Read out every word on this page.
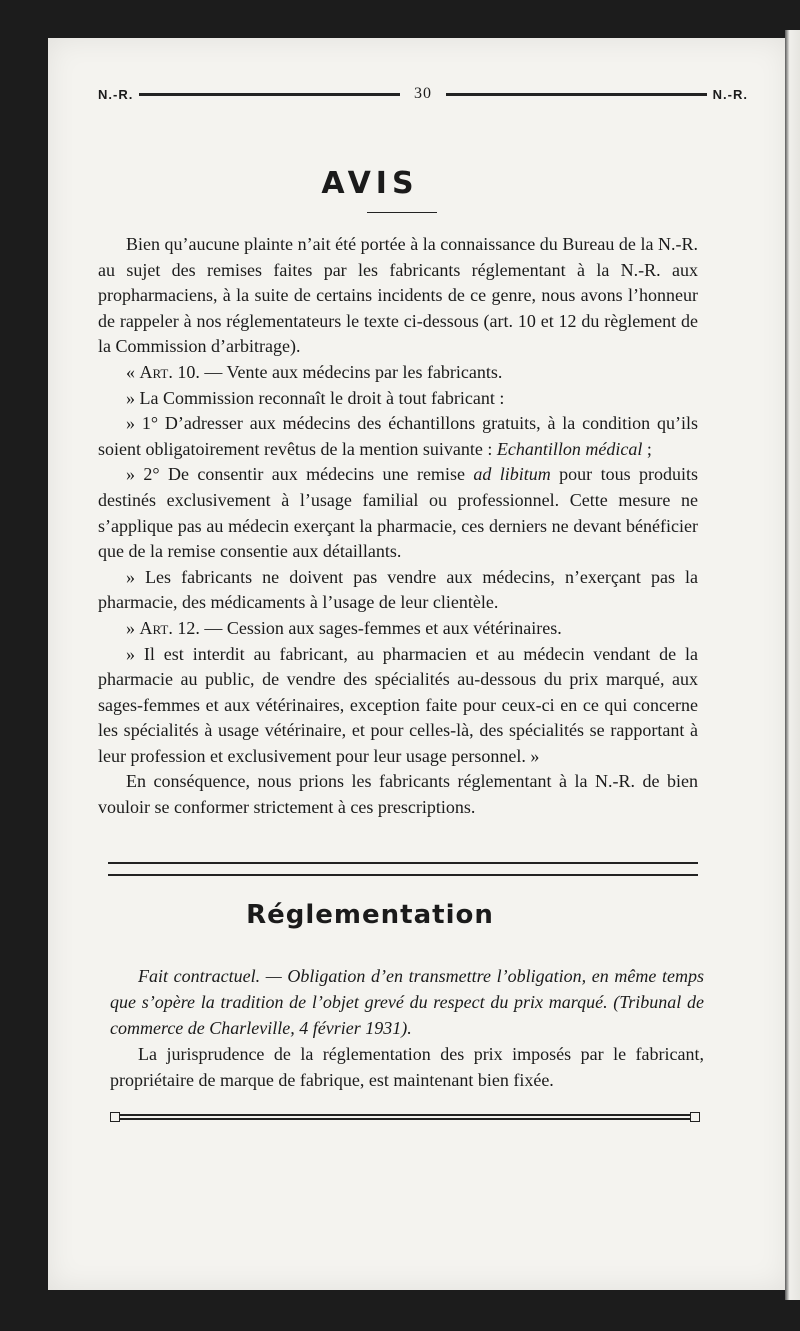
N.-R.	30	N.-R.
AVIS

Bien qu’aucune plainte n’ait été portée à la connaissance du Bureau de la N.-R. au sujet des remises faites par les fabricants réglementant à la N.-R. aux propharmaciens, à la suite de certains incidents de ce genre, nous avons l’honneur de rappeler à nos réglementateurs le texte ci-dessous (art. 10 et 12 du règlement de la Commission d’arbitrage).

« Art. 10. — Vente aux médecins par les fabricants.

» La Commission reconnaît le droit à tout fabricant :

» 1° D’adresser aux médecins des échantillons gratuits, à la condition qu’ils soient obligatoirement revêtus de la mention suivante : Echantillon médical ;

» 2° De consentir aux médecins une remise ad libitum pour tous produits destinés exclusivement à l’usage familial ou professionnel. Cette mesure ne s’applique pas au médecin exerçant la pharmacie, ces derniers ne devant bénéficier que de la remise consentie aux détaillants.

» Les fabricants ne doivent pas vendre aux médecins, n’exerçant pas la pharmacie, des médicaments à l’usage de leur clientèle.

» Art. 12. — Cession aux sages-femmes et aux vétérinaires.

» Il est interdit au fabricant, au pharmacien et au médecin vendant de la pharmacie au public, de vendre des spécialités au-dessous du prix marqué, aux sages-femmes et aux vétérinaires, exception faite pour ceux-ci en ce qui concerne les spécialités à usage vétérinaire, et pour celles-là, des spécialités se rapportant à leur profession et exclusivement pour leur usage personnel. »

En conséquence, nous prions les fabricants réglementant à la N.-R. de bien vouloir se conformer strictement à ces prescriptions.

Réglementation

Fait contractuel. — Obligation d’en transmettre l’obligation, en même temps que s’opère la tradition de l’objet grevé du respect du prix marqué. (Tribunal de commerce de Charleville, 4 février 1931).

La jurisprudence de la réglementation des prix imposés par le fabricant, propriétaire de marque de fabrique, est maintenant bien fixée.
